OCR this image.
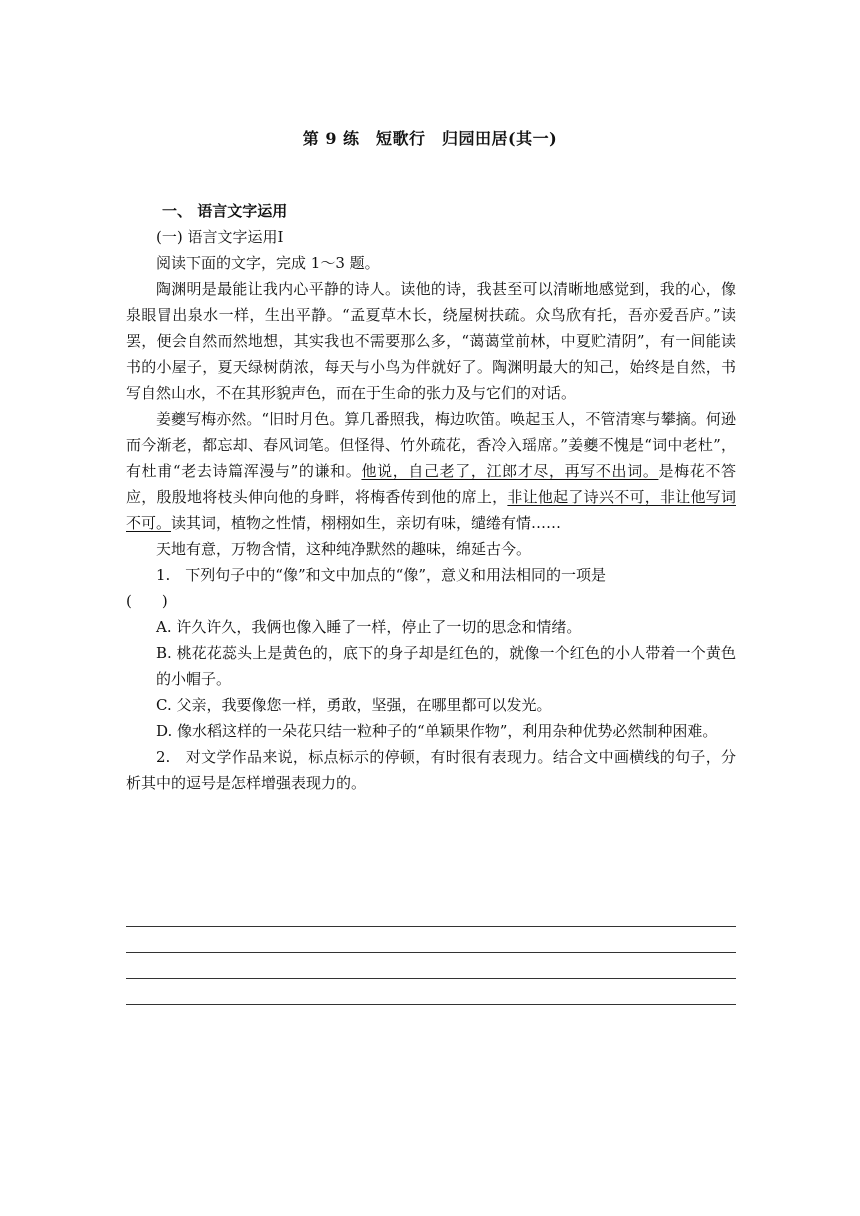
第 9 练　短歌行　归园田居(其一)

一、 语言文字运用

(一) 语言文字运用Ⅰ

阅读下面的文字，完成 1～3 题。

陶渊明是最能让我内心平静的诗人。读他的诗，我甚至可以清晰地感觉到，我的心，像泉眼冒出泉水一样，生出平静。“孟夏草木长，绕屋树扶疏。众鸟欣有托，吾亦爱吾庐。”读罢，便会自然而然地想，其实我也不需要那么多，“蔼蔼堂前林，中夏贮清阴”，有一间能读书的小屋子，夏天绿树荫浓，每天与小鸟为伴就好了。陶渊明最大的知己，始终是自然，书写自然山水，不在其形貌声色，而在于生命的张力及与它们的对话。

姜夔写梅亦然。“旧时月色。算几番照我，梅边吹笛。唤起玉人，不管清寒与攀摘。何逊而今渐老，都忘却、春风词笔。但怪得、竹外疏花，香冷入瑶席。”姜夔不愧是“词中老杜”，有杜甫“老去诗篇浑漫与”的谦和。他说，自己老了，江郎才尽，再写不出词。是梅花不答应，殷殷地将枝头伸向他的身畔，将梅香传到他的席上，非让他起了诗兴不可，非让他写词不可。读其词，植物之性情，栩栩如生，亲切有味，缱绻有情……

天地有意，万物含情，这种纯净默然的趣味，绵延古今。

1.　下列句子中的“像”和文中加点的“像”，意义和用法相同的一项是

(　　)

A. 许久许久，我俩也像入睡了一样，停止了一切的思念和情绪。

B. 桃花花蕊头上是黄色的，底下的身子却是红色的，就像一个红色的小人带着一个黄色的小帽子。

C. 父亲，我要像您一样，勇敢，坚强，在哪里都可以发光。

D. 像水稻这样的一朵花只结一粒种子的“单颖果作物”，利用杂种优势必然制种困难。

2.　对文学作品来说，标点标示的停顿，有时很有表现力。结合文中画横线的句子，分析其中的逗号是怎样增强表现力的。
